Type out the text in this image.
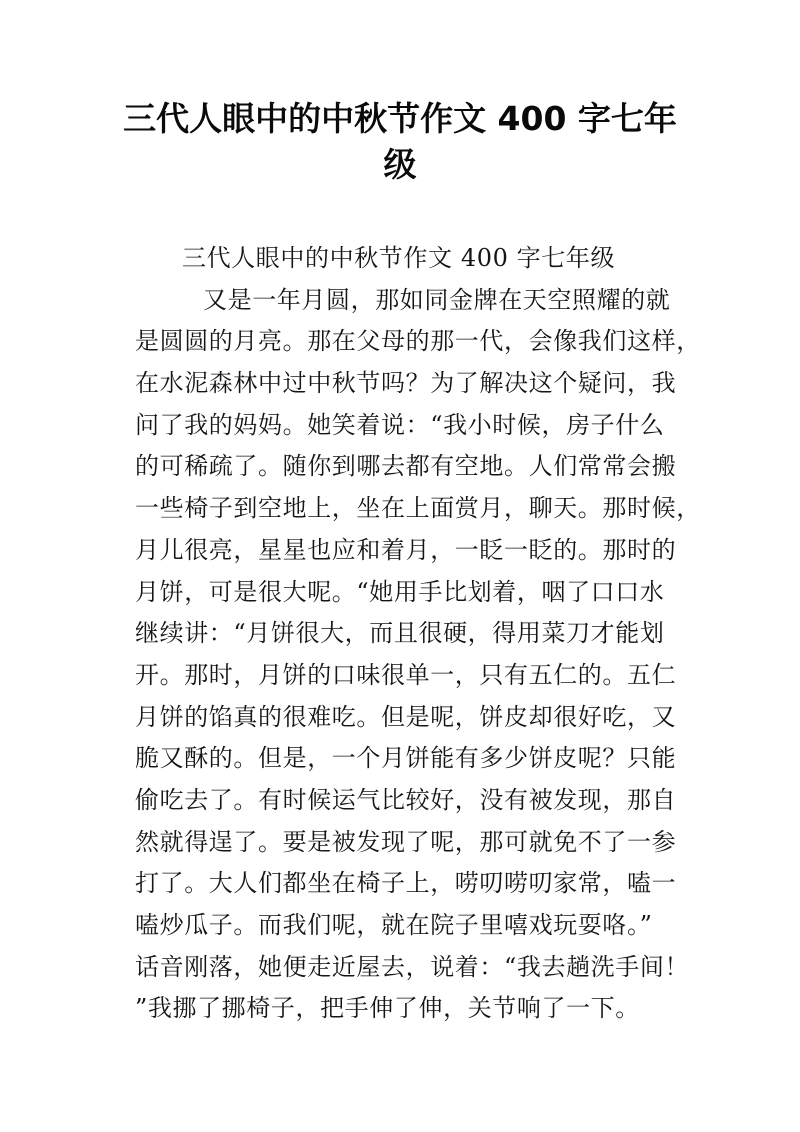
三代人眼中的中秋节作文 400 字七年
级
三代人眼中的中秋节作文 400 字七年级
又是一年月圆，那如同金牌在天空照耀的就
是圆圆的月亮。那在父母的那一代，会像我们这样，
在水泥森林中过中秋节吗？为了解决这个疑问，我
问了我的妈妈。她笑着说：“我小时候，房子什么
的可稀疏了。随你到哪去都有空地。人们常常会搬
一些椅子到空地上，坐在上面赏月，聊天。那时候，
月儿很亮，星星也应和着月，一眨一眨的。那时的
月饼，可是很大呢。“她用手比划着，咽了口口水
继续讲：“月饼很大，而且很硬，得用菜刀才能划
开。那时，月饼的口味很单一，只有五仁的。五仁
月饼的馅真的很难吃。但是呢，饼皮却很好吃，又
脆又酥的。但是，一个月饼能有多少饼皮呢？只能
偷吃去了。有时候运气比较好，没有被发现，那自
然就得逞了。要是被发现了呢，那可就免不了一参
打了。大人们都坐在椅子上，唠叨唠叨家常，嗑一
嗑炒瓜子。而我们呢，就在院子里嘻戏玩耍咯。”
话音刚落，她便走近屋去，说着：“我去趟洗手间！
”我挪了挪椅子，把手伸了伸，关节响了一下。
